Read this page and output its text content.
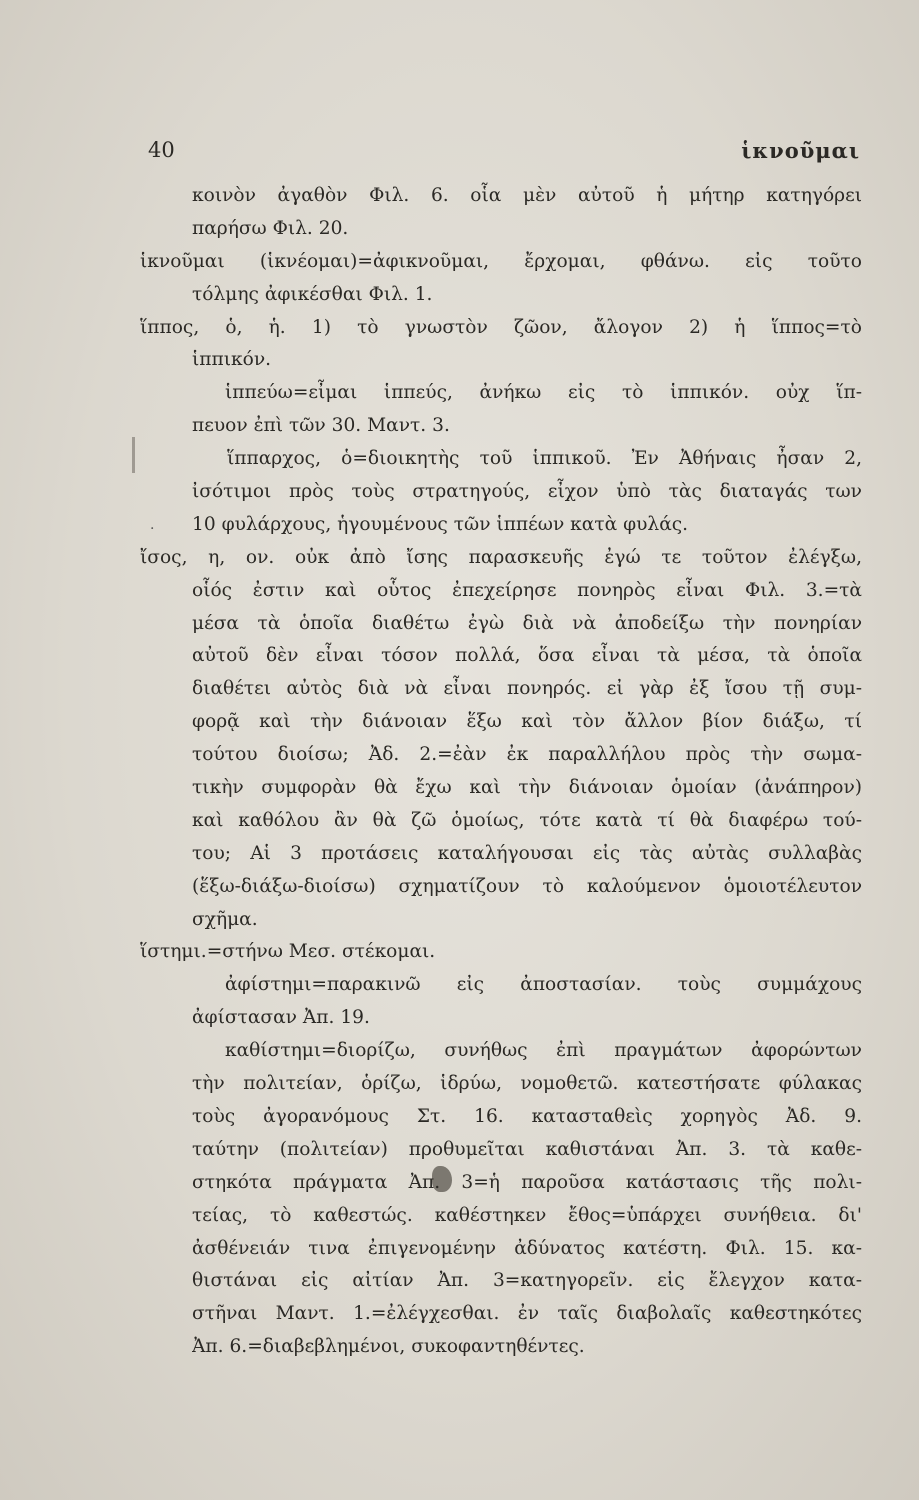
40	ἱκνοῦμαι
·
κοινὸν ἀγαθὸν Φιλ. 6. οἷα μὲν αὐτοῦ ἡ μήτηρ κατηγόρει
παρήσω Φιλ. 20.
ἱκνοῦμαι (ἱκνέομαι)=ἀφικνοῦμαι, ἔρχομαι, φθάνω. εἰς τοῦτο
τόλμης ἀφικέσθαι Φιλ. 1.
ἵππος, ὁ, ἡ. 1) τὸ γνωστὸν ζῶον, ἄλογον 2) ἡ ἵππος=τὸ
ἱππικόν.
ἱππεύω=εἶμαι ἱππεύς, ἀνήκω εἰς τὸ ἱππικόν. οὐχ ἵπ-
πευον ἐπὶ τῶν 30. Μαντ. 3.
ἵππαρχος, ὁ=διοικητὴς τοῦ ἱππικοῦ. Ἐν Ἀθήναις ἦσαν 2,
ἰσότιμοι πρὸς τοὺς στρατηγούς, εἶχον ὑπὸ τὰς διαταγάς των
10 φυλάρχους, ἡγουμένους τῶν ἱππέων κατὰ φυλάς.
ἴσος, η, ον. οὐκ ἀπὸ ἴσης παρασκευῆς ἐγώ τε τοῦτον ἐλέγξω,
οἷός ἐστιν καὶ οὗτος ἐπεχείρησε πονηρὸς εἶναι Φιλ. 3.=τὰ
μέσα τὰ ὁποῖα διαθέτω ἐγὼ διὰ νὰ ἀποδείξω τὴν πονηρίαν
αὐτοῦ δὲν εἶναι τόσον πολλά, ὅσα εἶναι τὰ μέσα, τὰ ὁποῖα
διαθέτει αὐτὸς διὰ νὰ εἶναι πονηρός. εἰ γὰρ ἐξ ἴσου τῇ συμ-
φορᾷ καὶ τὴν διάνοιαν ἕξω καὶ τὸν ἄλλον βίον διάξω, τί
τούτου διοίσω; Ἀδ. 2.=ἐὰν ἐκ παραλλήλου πρὸς τὴν σωμα-
τικὴν συμφορὰν θὰ ἔχω καὶ τὴν διάνοιαν ὁμοίαν (ἀνάπηρον)
καὶ καθόλου ἂν θὰ ζῶ ὁμοίως, τότε κατὰ τί θὰ διαφέρω τού-
του; Αἱ 3 προτάσεις καταλήγουσαι εἰς τὰς αὐτὰς συλλαβὰς
(ἕξω-διάξω-διοίσω) σχηματίζουν τὸ καλούμενον ὁμοιοτέλευτον
σχῆμα.
ἵστημι.=στήνω Μεσ. στέκομαι.
ἀφίστημι=παρακινῶ εἰς ἀποστασίαν. τοὺς συμμάχους
ἀφίστασαν Ἀπ. 19.
καθίστημι=διορίζω, συνήθως ἐπὶ πραγμάτων ἀφορώντων
τὴν πολιτείαν, ὁρίζω, ἱδρύω, νομοθετῶ. κατεστήσατε φύλακας
τοὺς ἀγορανόμους Στ. 16. κατασταθεὶς χορηγὸς Ἀδ. 9.
ταύτην (πολιτείαν) προθυμεῖται καθιστάναι Ἀπ. 3. τὰ καθε-
στηκότα πράγματα Ἀπ. 3=ἡ παροῦσα κατάστασις τῆς πολι-
τείας, τὸ καθεστώς. καθέστηκεν ἔθος=ὑπάρχει συνήθεια. δι'
ἀσθένειάν τινα ἐπιγενομένην ἀδύνατος κατέστη. Φιλ. 15. κα-
θιστάναι εἰς αἰτίαν Ἀπ. 3=κατηγορεῖν. εἰς ἔλεγχον κατα-
στῆναι Μαντ. 1.=ἐλέγχεσθαι. ἐν ταῖς διαβολαῖς καθεστηκότες
Ἀπ. 6.=διαβεβλημένοι, συκοφαντηθέντες.
